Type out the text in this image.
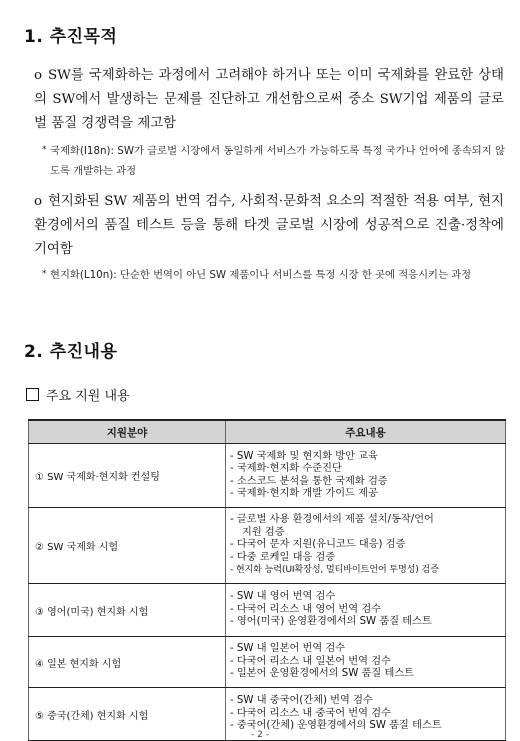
1. 추진목적
o SW를 국제화하는 과정에서 고려해야 하거나 또는 이미 국제화를 완료한 상태의 SW에서 발생하는 문제를 진단하고 개선함으로써 중소 SW기업 제품의 글로벌 품질 경쟁력을 제고함
* 국제화(I18n): SW가 글로벌 시장에서 동일하게 서비스가 가능하도록 특정 국가나 언어에 종속되지 않도록 개발하는 과정
o 현지화된 SW 제품의 번역 검수, 사회적·문화적 요소의 적절한 적용 여부, 현지 환경에서의 품질 테스트 등을 통해 타겟 글로벌 시장에 성공적으로 진출·정착에 기여함
* 현지화(L10n): 단순한 번역이 아닌 SW 제품이나 서비스를 특정 시장 한 곳에 적응시키는 과정
2. 추진내용
주요 지원 내용
지원분야	주요내용
① SW 국제화·현지화 컨설팅	- SW 국제화 및 현지화 방안 교육
- 국제화·현지화 수준진단
- 소스코드 분석을 통한 국제화 검증
- 국제화·현지화 개발 가이드 제공

② SW 국제화 시험	- 글로벌 사용 환경에서의 제품 설치/동작/언어
지원 검증
- 다국어 문자 지원(유니코드 대응) 검증
- 다중 로케일 대응 검증
- 현지화 능력(UI확장성, 멀티바이트언어 투명성) 검증

③ 영어(미국) 현지화 시험	- SW 내 영어 번역 검수
- 다국어 리소스 내 영어 번역 검수
- 영어(미국) 운영환경에서의 SW 품질 테스트

④ 일본 현지화 시험	- SW 내 일본어 번역 검수
- 다국어 리소스 내 일본어 번역 검수
- 일본어 운영환경에서의 SW 품질 테스트

⑤ 중국(간체) 현지화 시험	- SW 내 중국어(간체) 번역 검수
- 다국어 리소스 내 중국어 번역 검수
- 중국어(간체) 운영환경에서의 SW 품질 테스트
- 2 -
